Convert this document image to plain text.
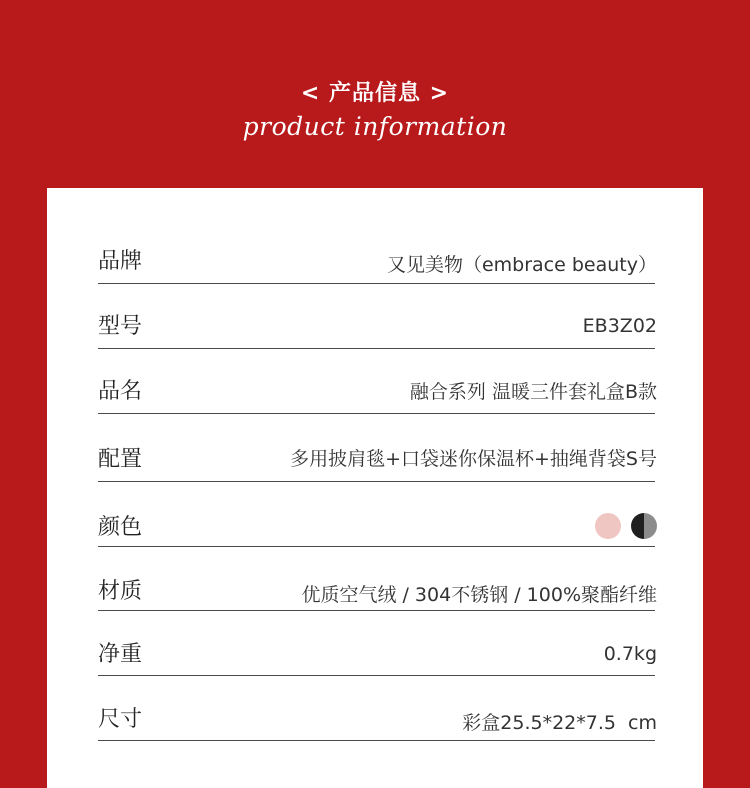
< 产品信息 >
product information
品牌	又见美物（embrace beauty）
型号	EB3Z02
品名	融合系列 温暖三件套礼盒B款
配置	多用披肩毯+口袋迷你保温杯+抽绳背袋S号
颜色
材质	优质空气绒 / 304不锈钢 / 100%聚酯纤维
净重	0.7kg
尺寸	彩盒25.5*22*7.5  cm
